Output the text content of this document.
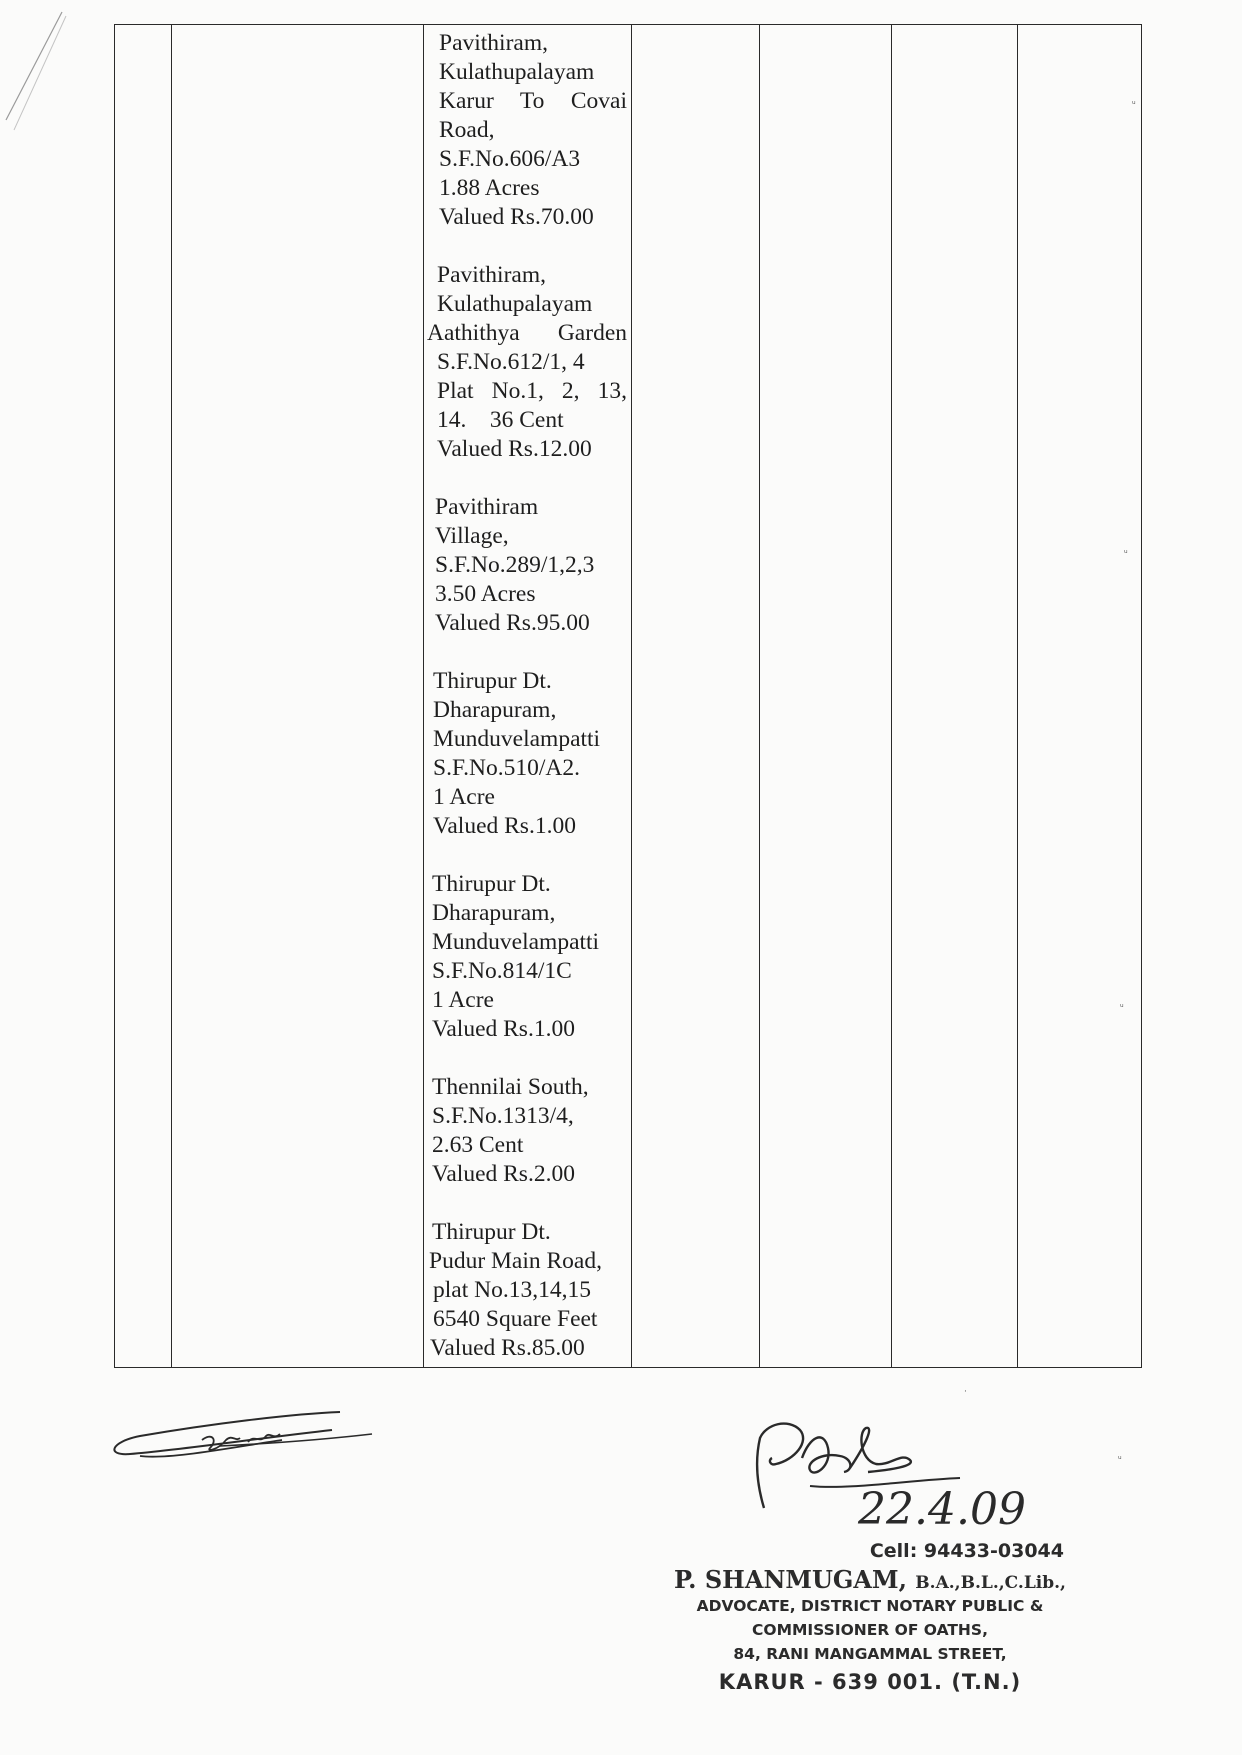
Pavithiram,
Kulathupalayam
Karur To Covai
Road,
S.F.No.606/A3
1.88 Acres
Valued Rs.70.00
Pavithiram,
Kulathupalayam
Aathithya Garden
S.F.No.612/1, 4
Plat No.1, 2, 13,
14.    36 Cent
Valued Rs.12.00
Pavithiram
Village,
S.F.No.289/1,2,3
3.50 Acres
Valued Rs.95.00
Thirupur Dt.
Dharapuram,
Munduvelampatti
S.F.No.510/A2.
1 Acre
Valued Rs.1.00
Thirupur Dt.
Dharapuram,
Munduvelampatti
S.F.No.814/1C
1 Acre
Valued Rs.1.00
Thennilai South,
S.F.No.1313/4,
2.63 Cent
Valued Rs.2.00
Thirupur Dt.
Pudur Main Road,
plat No.13,14,15
6540 Square Feet
Valued Rs.85.00
ᵘ
ᵘ
ᵘ
ᵘ
·
22.4.09
Cell: 94433-03044
P. SHANMUGAM, B.A.,B.L.,C.Lib.,
ADVOCATE, DISTRICT NOTARY PUBLIC &
COMMISSIONER OF OATHS,
84, RANI MANGAMMAL STREET,
KARUR - 639 001. (T.N.)
